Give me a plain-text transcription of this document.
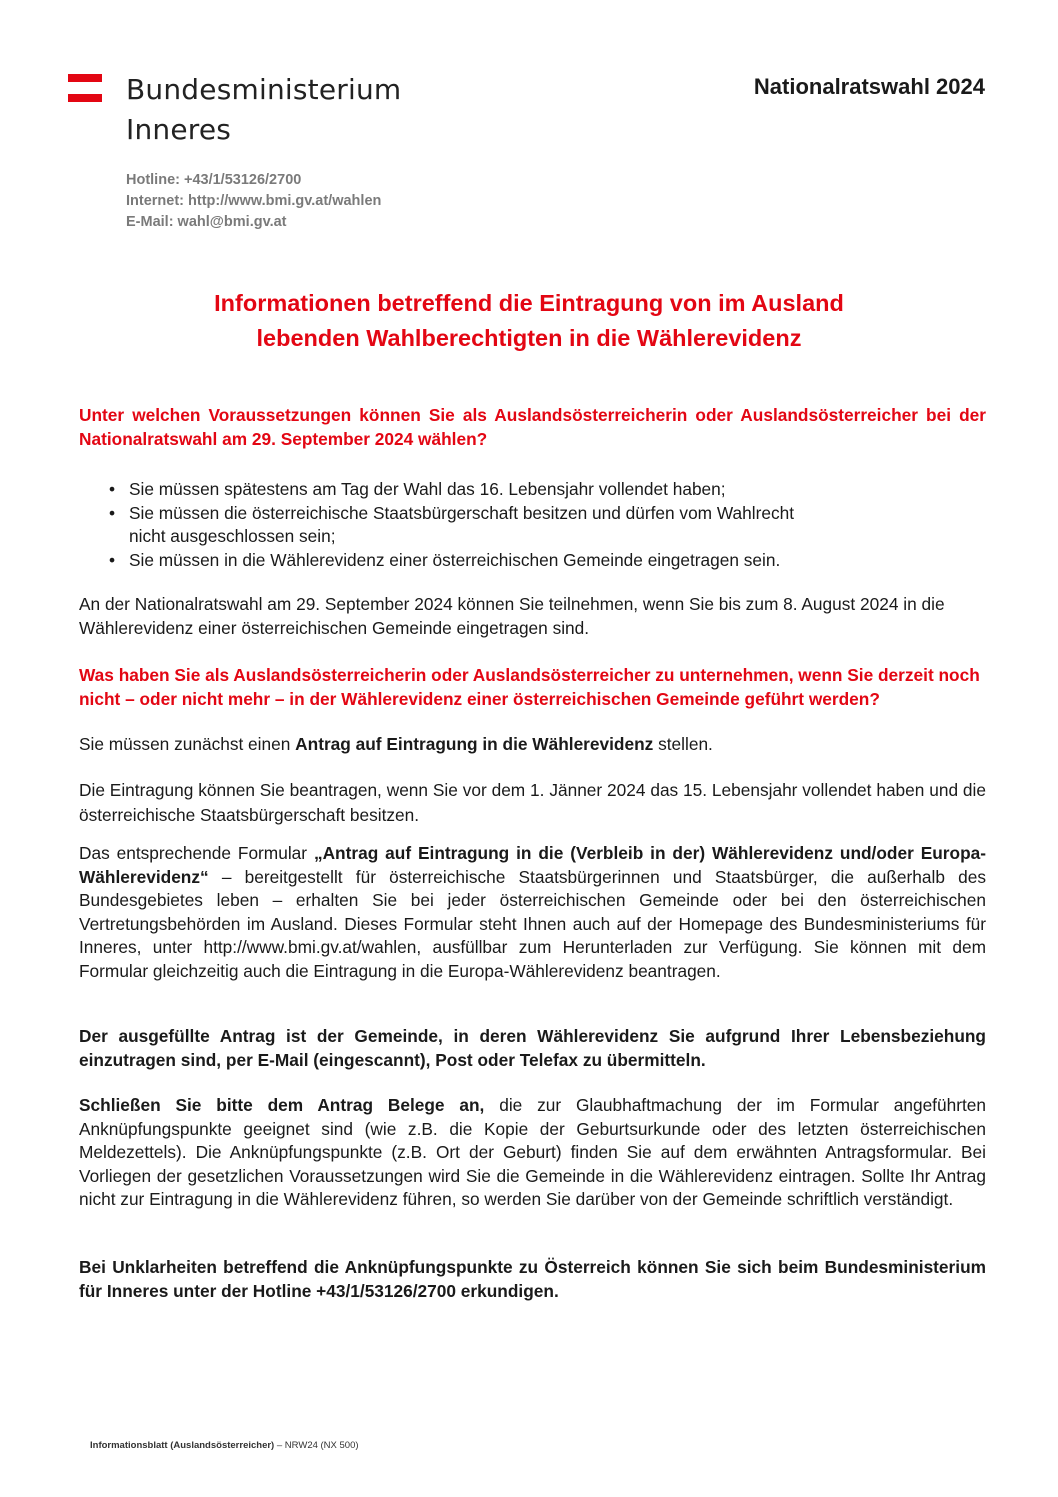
Bundesministerium
Inneres
Nationalratswahl 2024
Hotline: +43/1/53126/2700
Internet: http://www.bmi.gv.at/wahlen
E-Mail: wahl@bmi.gv.at
Informationen betreffend die Eintragung von im Ausland
lebenden Wahlberechtigten in die Wählerevidenz
Unter welchen Voraussetzungen können Sie als Auslandsösterreicherin oder Auslandsösterreicher bei der Nationalratswahl am 29. September 2024 wählen?
• Sie müssen spätestens am Tag der Wahl das 16. Lebensjahr vollendet haben;
• Sie müssen die österreichische Staatsbürgerschaft besitzen und dürfen vom Wahlrecht nicht ausgeschlossen sein;
• Sie müssen in die Wählerevidenz einer österreichischen Gemeinde eingetragen sein.
An der Nationalratswahl am 29. September 2024 können Sie teilnehmen, wenn Sie bis zum 8. August 2024 in die Wählerevidenz einer österreichischen Gemeinde eingetragen sind.
Was haben Sie als Auslandsösterreicherin oder Auslandsösterreicher zu unternehmen, wenn Sie derzeit noch nicht – oder nicht mehr – in der Wählerevidenz einer österreichischen Gemeinde geführt werden?
Sie müssen zunächst einen Antrag auf Eintragung in die Wählerevidenz stellen.
Die Eintragung können Sie beantragen, wenn Sie vor dem 1. Jänner 2024 das 15. Lebensjahr vollendet haben und die österreichische Staatsbürgerschaft besitzen.
Das entsprechende Formular „Antrag auf Eintragung in die (Verbleib in der) Wählerevidenz und/oder Europa-Wählerevidenz“ – bereitgestellt für österreichische Staatsbürgerinnen und Staatsbürger, die außerhalb des Bundesgebietes leben – erhalten Sie bei jeder österreichischen Gemeinde oder bei den österreichischen Vertretungsbehörden im Ausland. Dieses Formular steht Ihnen auch auf der Homepage des Bundesministeriums für Inneres, unter http://www.bmi.gv.at/wahlen, ausfüllbar zum Herunterladen zur Verfügung. Sie können mit dem Formular gleichzeitig auch die Eintragung in die Europa-Wählerevidenz beantragen.
Der ausgefüllte Antrag ist der Gemeinde, in deren Wählerevidenz Sie aufgrund Ihrer Lebensbeziehung einzutragen sind, per E-Mail (eingescannt), Post oder Telefax zu übermitteln.
Schließen Sie bitte dem Antrag Belege an, die zur Glaubhaftmachung der im Formular angeführten Anknüpfungspunkte geeignet sind (wie z.B. die Kopie der Geburtsurkunde oder des letzten österreichischen Meldezettels). Die Anknüpfungspunkte (z.B. Ort der Geburt) finden Sie auf dem erwähnten Antragsformular. Bei Vorliegen der gesetzlichen Voraussetzungen wird Sie die Gemeinde in die Wählerevidenz eintragen. Sollte Ihr Antrag nicht zur Eintragung in die Wählerevidenz führen, so werden Sie darüber von der Gemeinde schriftlich verständigt.
Bei Unklarheiten betreffend die Anknüpfungspunkte zu Österreich können Sie sich beim Bundesministerium für Inneres unter der Hotline +43/1/53126/2700 erkundigen.
Informationsblatt (Auslandsösterreicher) – NRW24 (NX 500)
